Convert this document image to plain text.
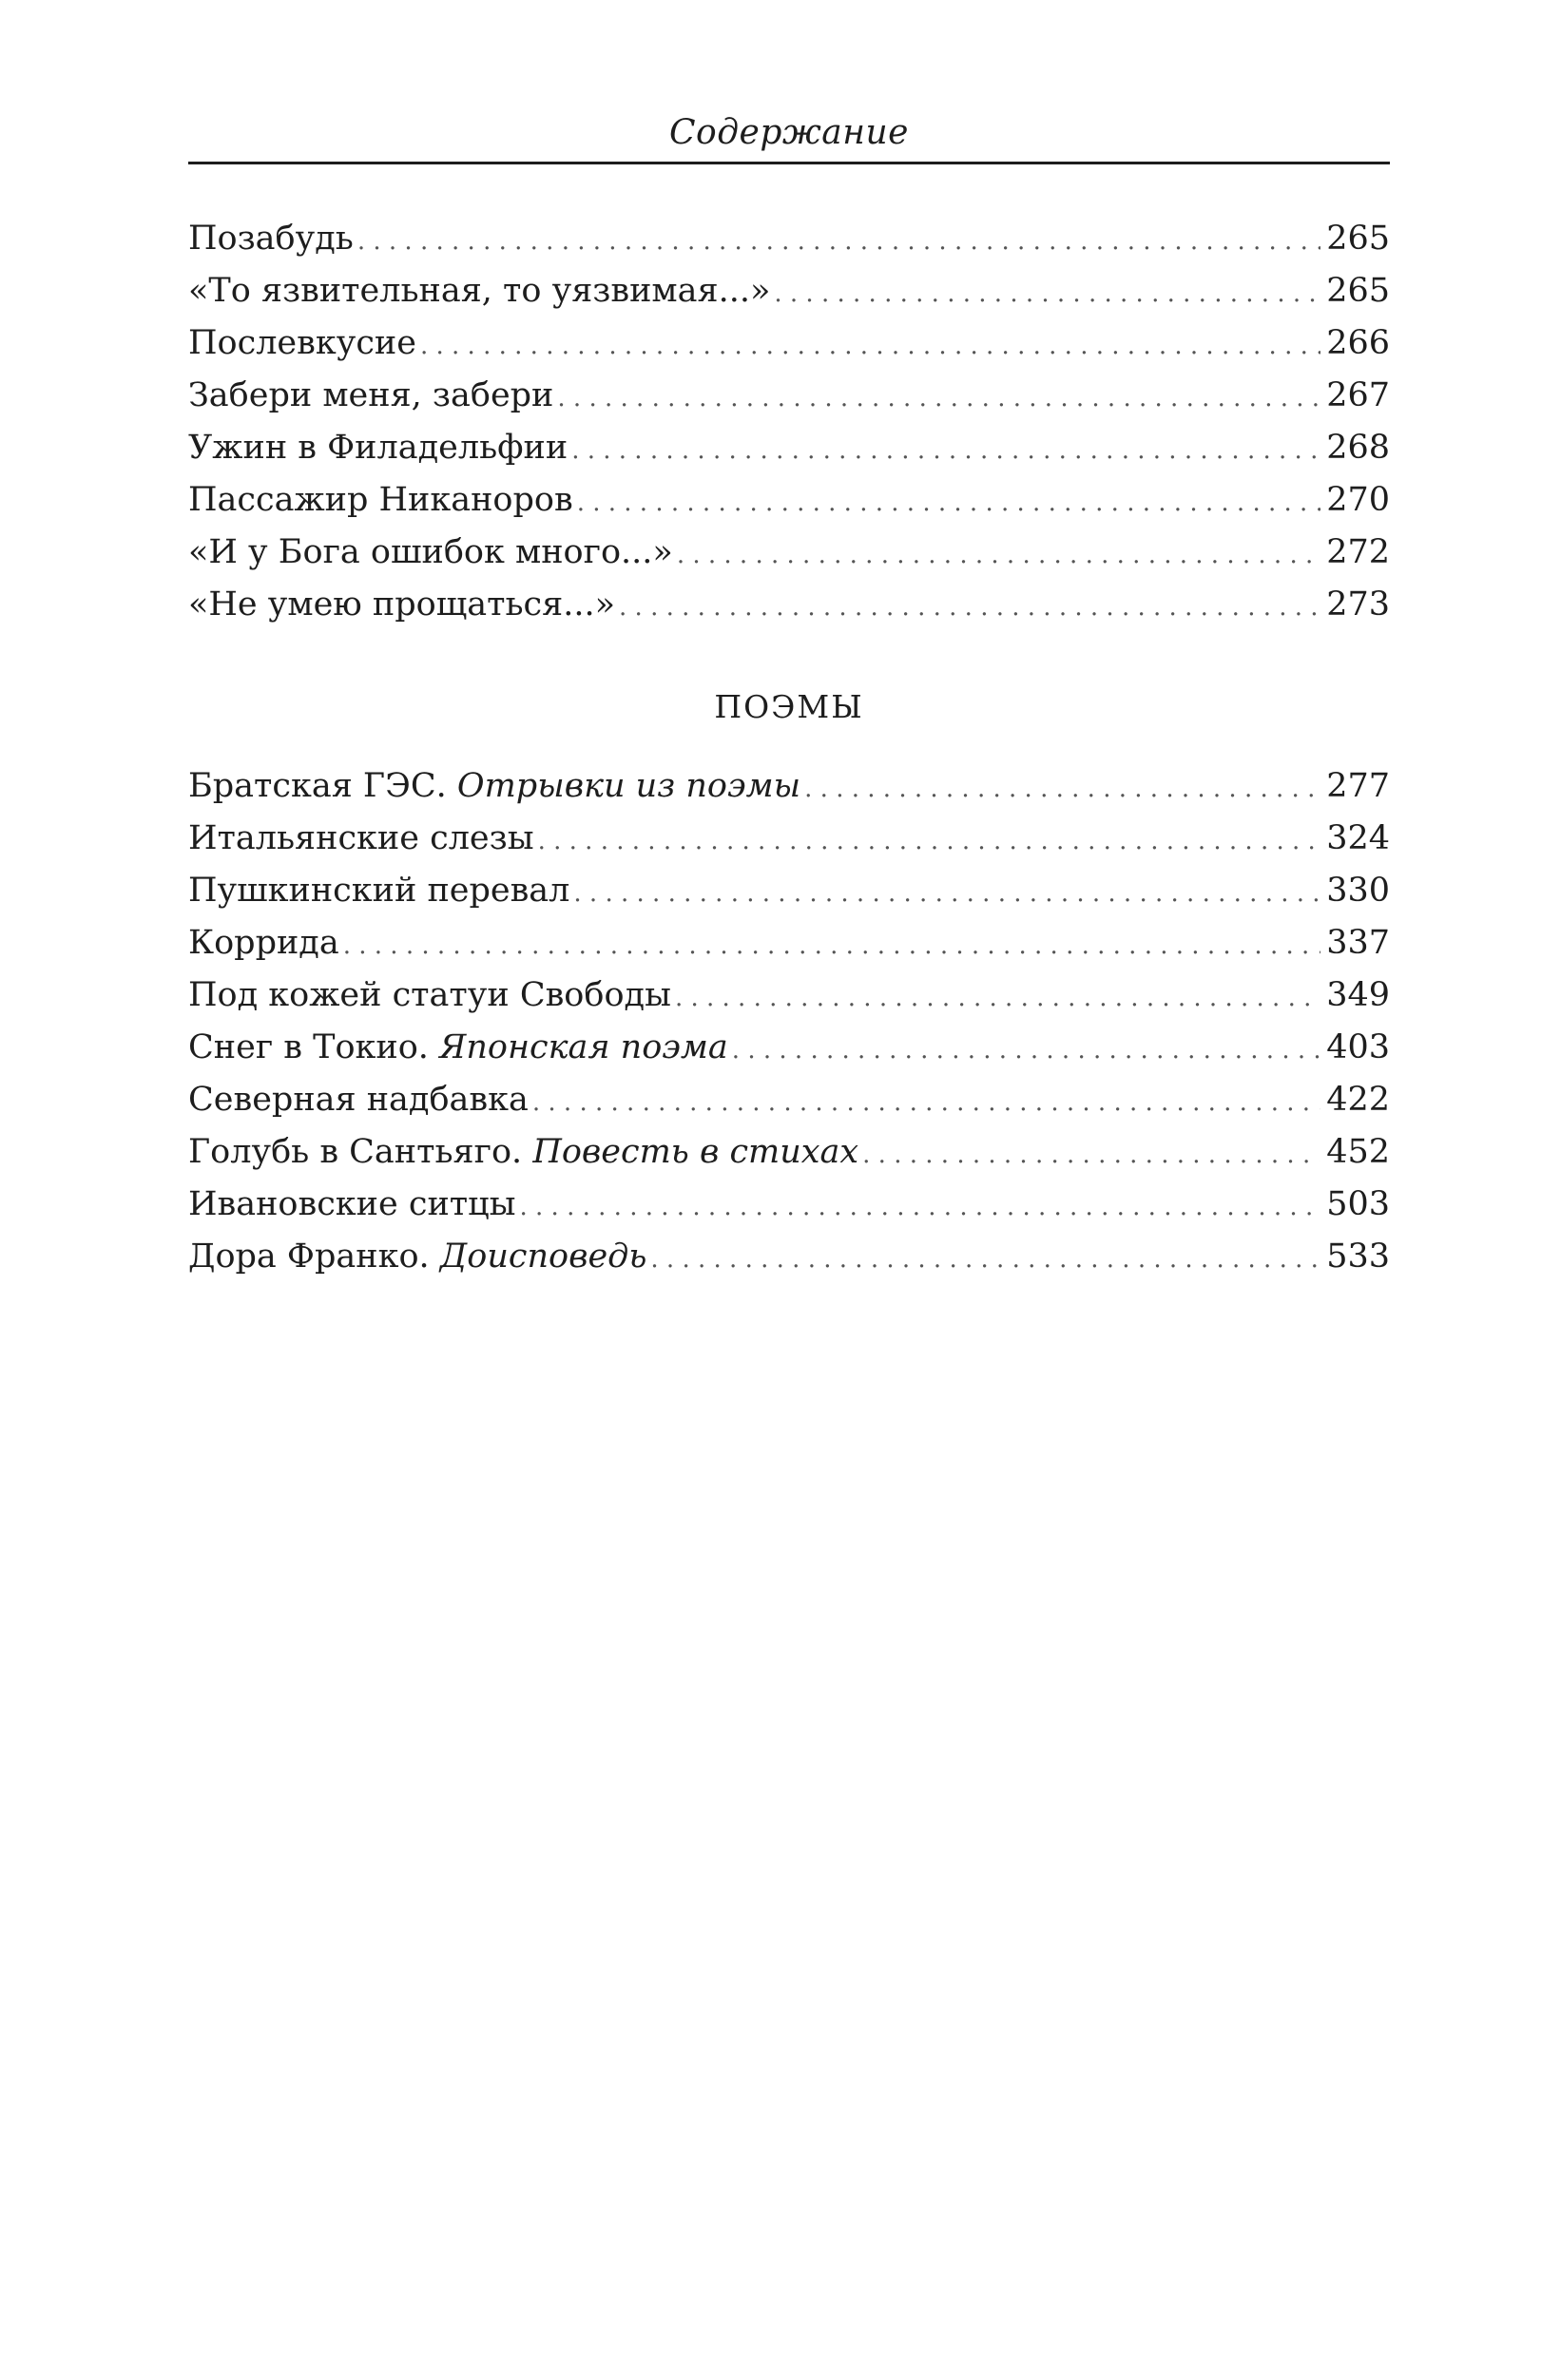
Содержание
Позабудь . . .	265
«То язвительная, то уязвимая...» . . .	265
Послевкусие . . .	266
Забери меня, забери . . .	267
Ужин в Филадельфии . . .	268
Пассажир Никаноров . . .	270
«И у Бога ошибок много...» . . .	272
«Не умею прощаться...» . . .	273
ПОЭМЫ
Братская ГЭС. Отрывки из поэмы . . .	277
Итальянские слезы . . .	324
Пушкинский перевал . . .	330
Коррида . . .	337
Под кожей статуи Свободы . . .	349
Снег в Токио. Японская поэма . . .	403
Северная надбавка . . .	422
Голубь в Сантьяго. Повесть в стихах . . .	452
Ивановские ситцы . . .	503
Дора Франко. Доисповедь . . .	533
